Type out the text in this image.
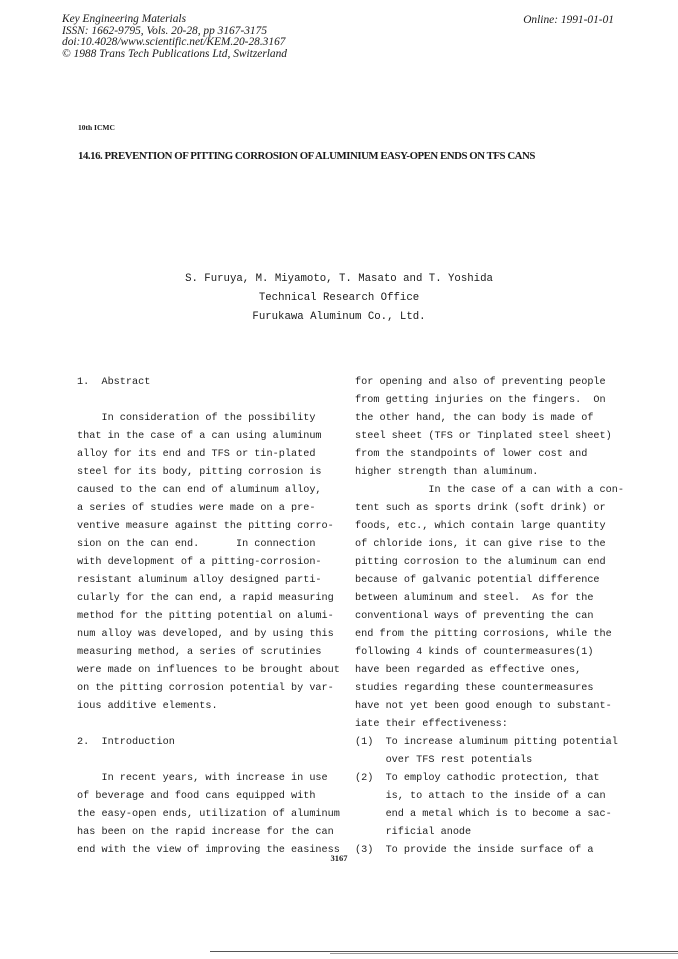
Key Engineering Materials
ISSN: 1662-9795, Vols. 20-28, pp 3167-3175
doi:10.4028/www.scientific.net/KEM.20-28.3167
© 1988 Trans Tech Publications Ltd, Switzerland
Online: 1991-01-01
10th ICMC
14.16. PREVENTION OF PITTING CORROSION OF ALUMINIUM EASY-OPEN ENDS ON TFS CANS
S. Furuya, M. Miyamoto, T. Masato and T. Yoshida
Technical Research Office
Furukawa Aluminum Co., Ltd.
1.  Abstract
In consideration of the possibility
that in the case of a can using aluminum
alloy for its end and TFS or tin-plated
steel for its body, pitting corrosion is
caused to the can end of aluminum alloy,
a series of studies were made on a pre-
ventive measure against the pitting corro-
sion on the can end.      In connection
with development of a pitting-corrosion-
resistant aluminum alloy designed parti-
cularly for the can end, a rapid measuring
method for the pitting potential on alumi-
num alloy was developed, and by using this
measuring method, a series of scrutinies
were made on influences to be brought about
on the pitting corrosion potential by var-
ious additive elements.
2.  Introduction
In recent years, with increase in use
of beverage and food cans equipped with
the easy-open ends, utilization of aluminum
has been on the rapid increase for the can
end with the view of improving the easiness
for opening and also of preventing people
from getting injuries on the fingers.  On
the other hand, the can body is made of
steel sheet (TFS or Tinplated steel sheet)
from the standpoints of lower cost and
higher strength than aluminum.
In the case of a can with a con-
tent such as sports drink (soft drink) or
foods, etc., which contain large quantity
of chloride ions, it can give rise to the
pitting corrosion to the aluminum can end
because of galvanic potential difference
between aluminum and steel.  As for the
conventional ways of preventing the can
end from the pitting corrosions, while the
following 4 kinds of countermeasures(1)
have been regarded as effective ones,
studies regarding these countermeasures
have not yet been good enough to substant-
iate their effectiveness:
(1)  To increase aluminum pitting potential
over TFS rest potentials
(2)  To employ cathodic protection, that
is, to attach to the inside of a can
end a metal which is to become a sac-
rificial anode
(3)  To provide the inside surface of a
3167
